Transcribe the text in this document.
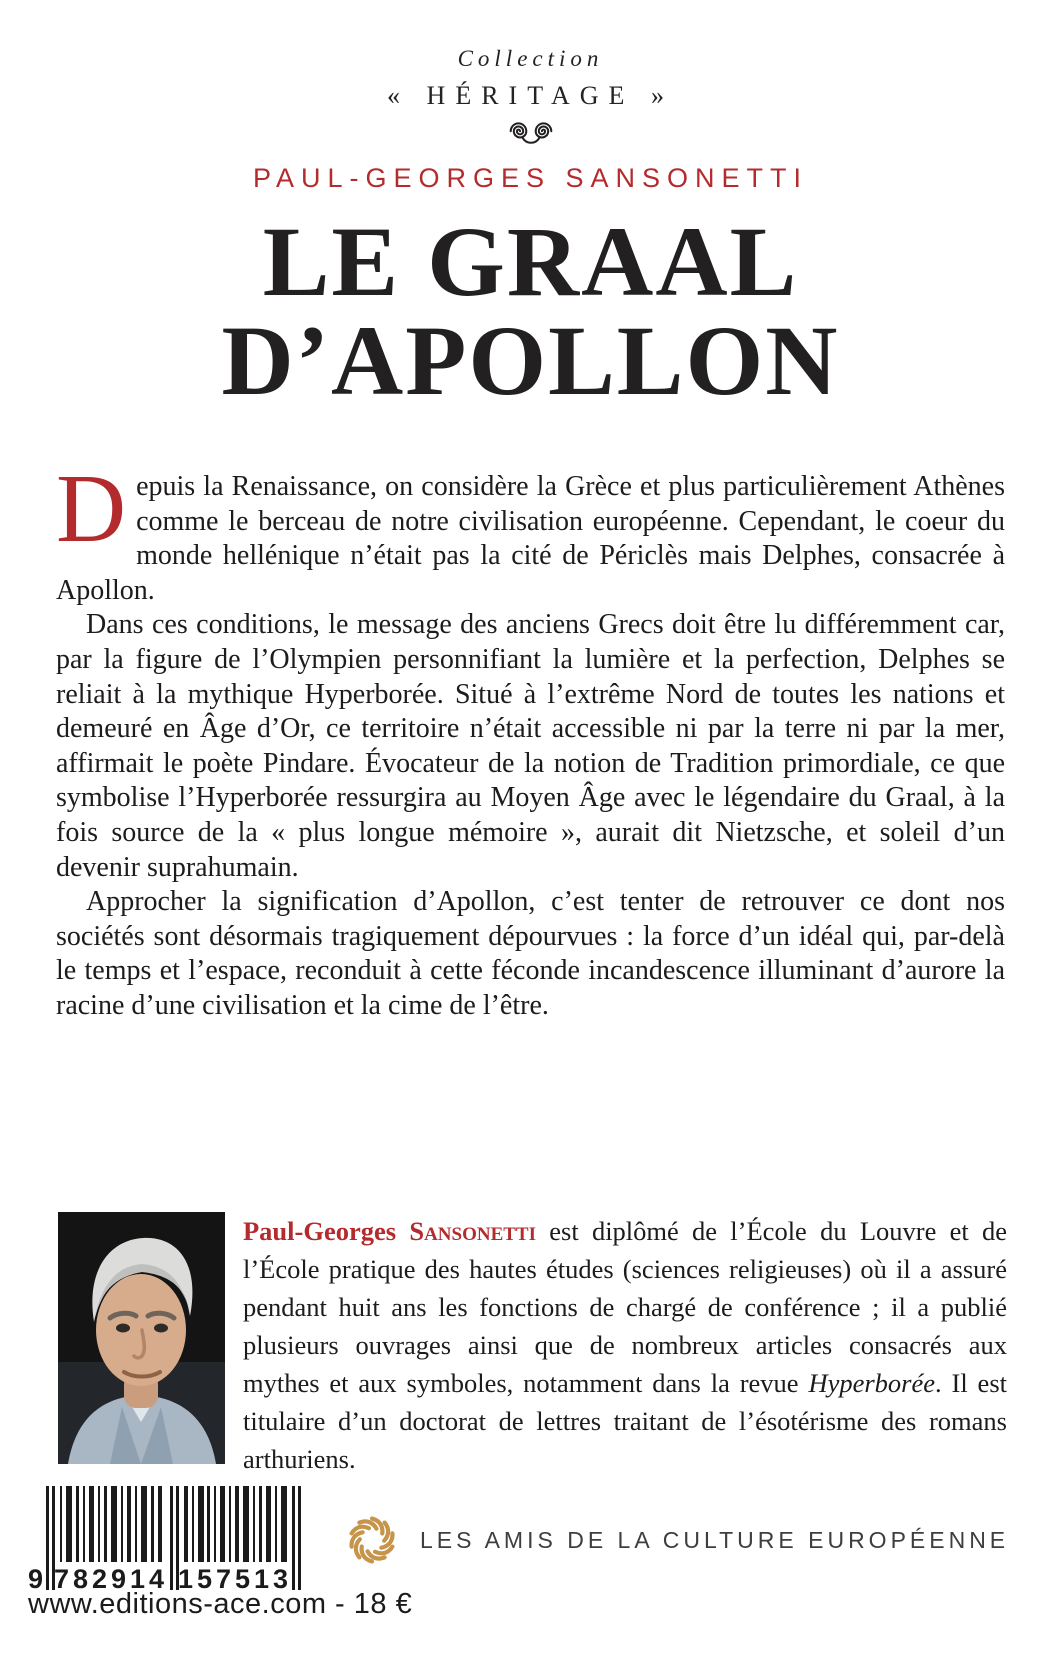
Collection
« HÉRITAGE »
PAUL-GEORGES SANSONETTI
LE GRAAL
D’APOLLON

Depuis la Renaissance, on considère la Grèce et plus particulièrement Athènes comme le berceau de notre civilisation européenne. Cependant, le coeur du monde hellénique n’était pas la cité de Périclès mais Delphes, consacrée à Apollon.

Dans ces conditions, le message des anciens Grecs doit être lu différemment car, par la figure de l’Olympien personnifiant la lumière et la perfection, Delphes se reliait à la mythique Hyperborée. Situé à l’extrême Nord de toutes les nations et demeuré en Âge d’Or, ce territoire n’était accessible ni par la terre ni par la mer, affirmait le poète Pindare. Évocateur de la notion de Tradition primordiale, ce que symbolise l’Hyperborée ressurgira au Moyen Âge avec le légendaire du Graal, à la fois source de la « plus longue mémoire », aurait dit Nietzsche, et soleil d’un devenir suprahumain.

Approcher la signification d’Apollon, c’est tenter de retrouver ce dont nos sociétés sont désormais tragiquement dépourvues : la force d’un idéal qui, par-delà le temps et l’espace, reconduit à cette féconde incandescence illuminant d’aurore la racine d’une civilisation et la cime de l’être.

Paul-Georges Sansonetti est diplômé de l’École du Louvre et de l’École pratique des hautes études (sciences religieuses) où il a assuré pendant huit ans les fonctions de chargé de conférence ; il a publié plusieurs ouvrages ainsi que de nombreux articles consacrés aux mythes et aux symboles, notamment dans la revue Hyperborée. Il est titulaire d’un doctorat de lettres traitant de l’ésotérisme des romans arthuriens.
9 782914 157513
www.editions-ace.com - 18 €
LES AMIS DE LA CULTURE EUROPÉENNE
